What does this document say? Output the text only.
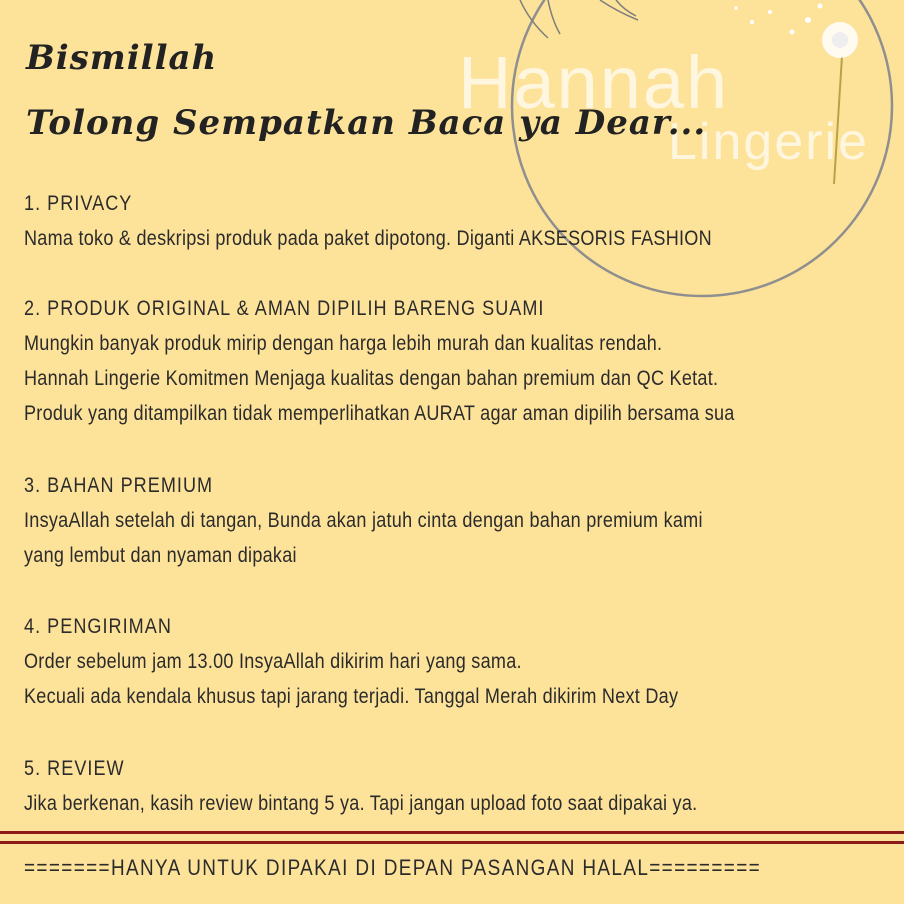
Hannah
Lingerie
Bismillah
Tolong Sempatkan Baca ya Dear...
1. PRIVACY
Nama toko & deskripsi produk pada paket dipotong. Diganti AKSESORIS FASHION
2. PRODUK ORIGINAL & AMAN DIPILIH BARENG SUAMI
Mungkin banyak produk mirip dengan harga lebih murah dan kualitas rendah.
Hannah Lingerie Komitmen Menjaga kualitas dengan bahan premium dan QC Ketat.
Produk yang ditampilkan tidak memperlihatkan AURAT agar aman dipilih bersama sua
3. BAHAN PREMIUM
InsyaAllah setelah di tangan, Bunda akan jatuh cinta dengan bahan premium kami
yang lembut dan nyaman dipakai
4. PENGIRIMAN
Order sebelum jam 13.00 InsyaAllah dikirim hari yang sama.
Kecuali ada kendala khusus tapi jarang terjadi. Tanggal Merah dikirim Next Day
5. REVIEW
Jika berkenan, kasih review bintang 5 ya. Tapi jangan upload foto saat dipakai ya.
=======HANYA UNTUK DIPAKAI DI DEPAN PASANGAN HALAL=========
